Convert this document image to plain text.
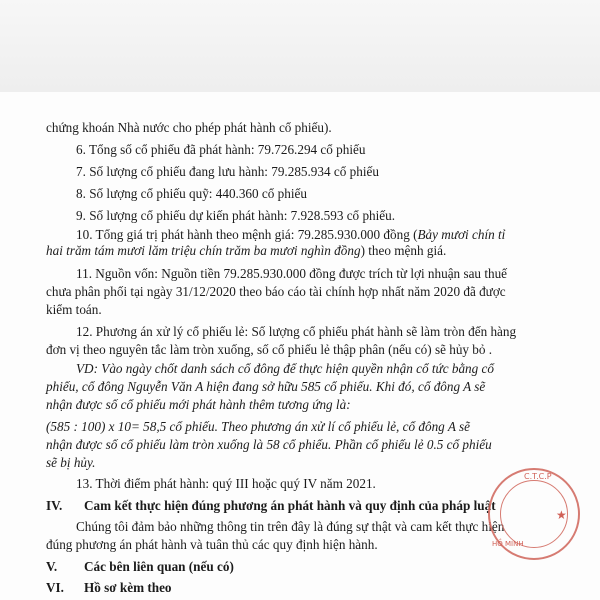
chứng khoán Nhà nước cho phép phát hành cổ phiếu).
6. Tổng số cổ phiếu đã phát hành: 79.726.294 cổ phiếu
7. Số lượng cổ phiếu đang lưu hành: 79.285.934 cổ phiếu
8. Số lượng cổ phiếu quỹ: 440.360 cổ phiếu
9. Số lượng cổ phiếu dự kiến phát hành: 7.928.593 cổ phiếu.
10. Tổng giá trị phát hành theo mệnh giá: 79.285.930.000 đồng (Bảy mươi chín tỉ
hai trăm tám mươi lăm triệu chín trăm ba mươi nghìn đồng) theo mệnh giá.
11. Nguồn vốn: Nguồn tiền 79.285.930.000 đồng được trích từ lợi nhuận sau thuế
chưa phân phối tại ngày 31/12/2020 theo báo cáo tài chính hợp nhất năm 2020 đã được
kiểm toán.
12. Phương án xử lý cổ phiếu lẻ: Số lượng cổ phiếu phát hành sẽ làm tròn đến hàng
đơn vị theo nguyên tắc làm tròn xuống, số cổ phiếu lẻ thập phân (nếu có) sẽ hủy bỏ .
VD: Vào ngày chốt danh sách cổ đông để thực hiện quyền nhận cổ tức bằng cổ
phiếu, cổ đông Nguyễn Văn A hiện đang sở hữu 585 cổ phiếu. Khi đó, cổ đông A sẽ
nhận được số cổ phiếu mới phát hành thêm tương ứng là:
(585 : 100) x 10= 58,5 cổ phiếu. Theo phương án xử lí cổ phiếu lẻ, cổ đông A sẽ
nhận được số cổ phiếu làm tròn xuống là 58 cổ phiếu. Phần cổ phiếu lẻ 0.5 cổ phiếu
sẽ bị hủy.
13. Thời điểm phát hành: quý III hoặc quý IV năm 2021.
IV. Cam kết thực hiện đúng phương án phát hành và quy định của pháp luật
Chúng tôi đảm bảo những thông tin trên đây là đúng sự thật và cam kết thực hiện
đúng phương án phát hành và tuân thủ các quy định hiện hành.
V. Các bên liên quan (nếu có)
VI. Hồ sơ kèm theo
C.T.C.P
HỒ MINH
★
